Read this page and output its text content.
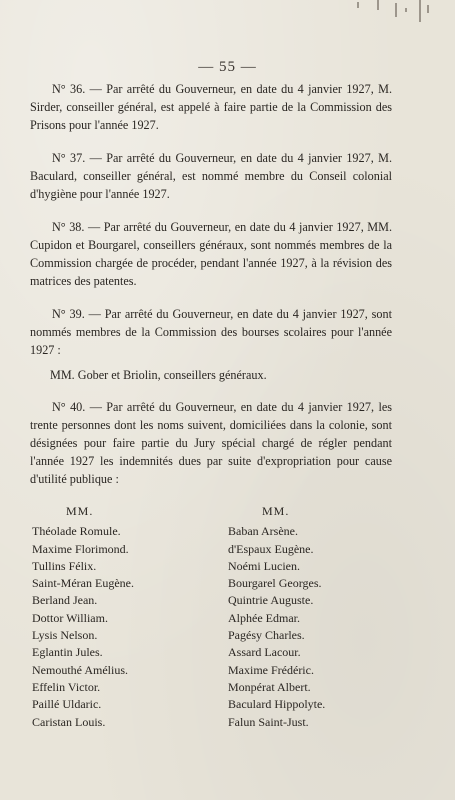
— 55 —

N° 36. — Par arrêté du Gouverneur, en date du 4 janvier 1927, M. Sirder, conseiller général, est appelé à faire partie de la Commission des Prisons pour l'année 1927.

N° 37. — Par arrêté du Gouverneur, en date du 4 janvier 1927, M. Baculard, conseiller général, est nommé membre du Conseil colonial d'hygiène pour l'année 1927.

N° 38. — Par arrêté du Gouverneur, en date du 4 janvier 1927, MM. Cupidon et Bourgarel, conseillers généraux, sont nommés membres de la Commission chargée de procéder, pendant l'année 1927, à la révision des matrices des patentes.

N° 39. — Par arrêté du Gouverneur, en date du 4 janvier 1927, sont nommés membres de la Commission des bourses scolaires pour l'année 1927 :

MM. Gober et Briolin, conseillers généraux.

N° 40. — Par arrêté du Gouverneur, en date du 4 janvier 1927, les trente personnes dont les noms suivent, domiciliées dans la colonie, sont désignées pour faire partie du Jury spécial chargé de régler pendant l'année 1927 les indemnités dues par suite d'expropriation pour cause d'utilité publique :

MM.
Théolade Romule.
Maxime Florimond.
Tullins Félix.
Saint-Méran Eugène.
Berland Jean.
Dottor William.
Lysis Nelson.
Eglantin Jules.
Nemouthé Amélius.
Effelin Victor.
Paillé Uldaric.
Caristan Louis.
MM.
Baban Arsène.
d'Espaux Eugène.
Noémi Lucien.
Bourgarel Georges.
Quintrie Auguste.
Alphée Edmar.
Pagésy Charles.
Assard Lacour.
Maxime Frédéric.
Monpérat Albert.
Baculard Hippolyte.
Falun Saint-Just.
